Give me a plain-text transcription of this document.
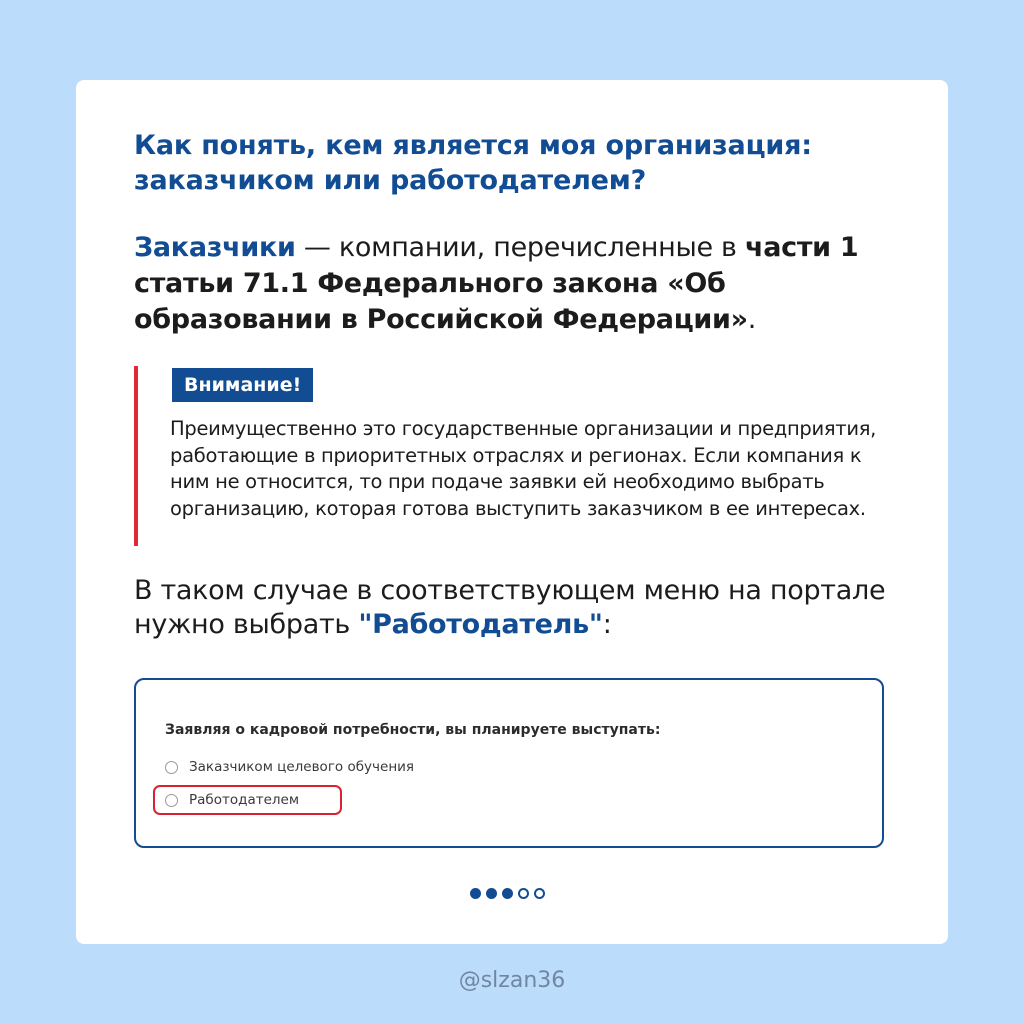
Как понять, кем является моя организация:
заказчиком или работодателем?

Заказчики — компании, перечисленные в части 1 статьи 71.1 Федерального закона «Об образовании в Российской Федерации».

Внимание!

Преимущественно это государственные организации и предприятия, работающие в приоритетных отраслях и регионах. Если компания к ним не относится, то при подаче заявки ей необходимо выбрать организацию, которая готова выступить заказчиком в ее интересах.

В таком случае в соответствующем меню на портале нужно выбрать "Работодатель":

Заявляя о кадровой потребности, вы планируете выступать:

Заказчиком целевого обучения
Работодателем

@slzan36
